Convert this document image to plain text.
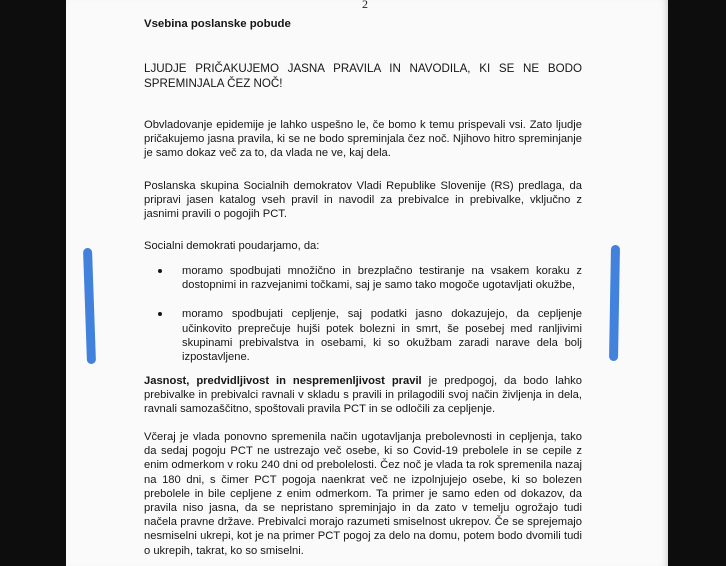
2
Vsebina poslanske pobude
LJUDJE PRIČAKUJEMO JASNA PRAVILA IN NAVODILA, KI SE NE BODO SPREMINJALA ČEZ NOČ!
Obvladovanje epidemije je lahko uspešno le, če bomo k temu prispevali vsi. Zato ljudje pričakujemo jasna pravila, ki se ne bodo spreminjala čez noč. Njihovo hitro spreminjanje je samo dokaz več za to, da vlada ne ve, kaj dela.
Poslanska skupina Socialnih demokratov Vladi Republike Slovenije (RS) predlaga, da pripravi jasen katalog vseh pravil in navodil za prebivalce in prebivalke, vključno z jasnimi pravili o pogojih PCT.
Socialni demokrati poudarjamo, da:
moramo spodbujati množično in brezplačno testiranje na vsakem koraku z dostopnimi in razvejanimi točkami, saj je samo tako mogoče ugotavljati okužbe,
moramo spodbujati cepljenje, saj podatki jasno dokazujejo, da cepljenje učinkovito preprečuje hujši potek bolezni in smrt, še posebej med ranljivimi skupinami prebivalstva in osebami, ki so okužbam zaradi narave dela bolj izpostavljene.
Jasnost, predvidljivost in nespremenljivost pravil je predpogoj, da bodo lahko prebivalke in prebivalci ravnali v skladu s pravili in prilagodili svoj način življenja in dela, ravnali samozaščitno, spoštovali pravila PCT in se odločili za cepljenje.
Včeraj je vlada ponovno spremenila način ugotavljanja prebolevnosti in cepljenja, tako da sedaj pogoju PCT ne ustrezajo več osebe, ki so Covid-19 prebolele in se cepile z enim odmerkom v roku 240 dni od prebolelosti. Čez noč je vlada ta rok spremenila nazaj na 180 dni, s čimer PCT pogoja naenkrat več ne izpolnjujejo osebe, ki so bolezen prebolele in bile cepljene z enim odmerkom. Ta primer je samo eden od dokazov, da pravila niso jasna, da se nepristano spreminjajo in da zato v temelju ogrožajo tudi načela pravne države. Prebivalci morajo razumeti smiselnost ukrepov. Če se sprejemajo nesmiselni ukrepi, kot je na primer PCT pogoj za delo na domu, potem bodo dvomili tudi o ukrepih, takrat, ko so smiselni.
